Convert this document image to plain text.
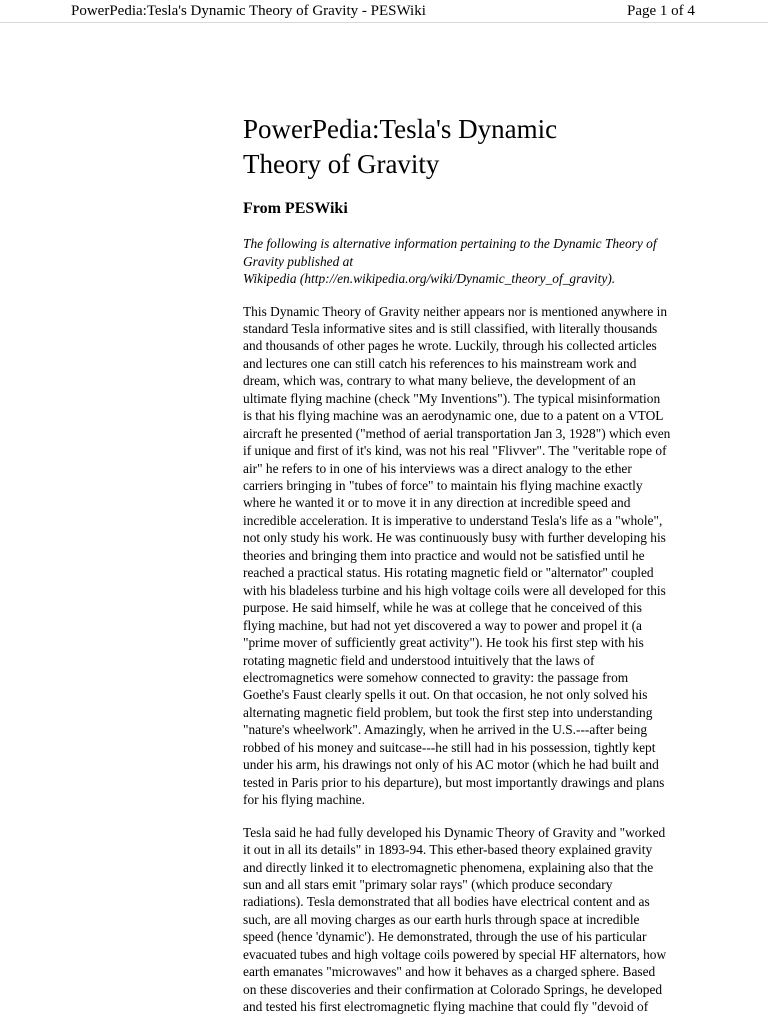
PowerPedia:Tesla's Dynamic Theory of Gravity - PESWiki	Page 1 of 4
PowerPedia:Tesla's Dynamic
Theory of Gravity

From PESWiki

The following is alternative information pertaining to the Dynamic Theory of
Gravity published at
Wikipedia (http://en.wikipedia.org/wiki/Dynamic_theory_of_gravity).

This Dynamic Theory of Gravity neither appears nor is mentioned anywhere in
standard Tesla informative sites and is still classified, with literally thousands
and thousands of other pages he wrote. Luckily, through his collected articles
and lectures one can still catch his references to his mainstream work and
dream, which was, contrary to what many believe, the development of an
ultimate flying machine (check "My Inventions"). The typical misinformation
is that his flying machine was an aerodynamic one, due to a patent on a VTOL
aircraft he presented ("method of aerial transportation Jan 3, 1928") which even
if unique and first of it's kind, was not his real "Flivver". The "veritable rope of
air" he refers to in one of his interviews was a direct analogy to the ether
carriers bringing in "tubes of force" to maintain his flying machine exactly
where he wanted it or to move it in any direction at incredible speed and
incredible acceleration. It is imperative to understand Tesla's life as a "whole",
not only study his work. He was continuously busy with further developing his
theories and bringing them into practice and would not be satisfied until he
reached a practical status. His rotating magnetic field or "alternator" coupled
with his bladeless turbine and his high voltage coils were all developed for this
purpose. He said himself, while he was at college that he conceived of this
flying machine, but had not yet discovered a way to power and propel it (a
"prime mover of sufficiently great activity"). He took his first step with his
rotating magnetic field and understood intuitively that the laws of
electromagnetics were somehow connected to gravity: the passage from
Goethe's Faust clearly spells it out. On that occasion, he not only solved his
alternating magnetic field problem, but took the first step into understanding
"nature's wheelwork". Amazingly, when he arrived in the U.S.---after being
robbed of his money and suitcase---he still had in his possession, tightly kept
under his arm, his drawings not only of his AC motor (which he had built and
tested in Paris prior to his departure), but most importantly drawings and plans
for his flying machine.

Tesla said he had fully developed his Dynamic Theory of Gravity and "worked
it out in all its details" in 1893-94. This ether-based theory explained gravity
and directly linked it to electromagnetic phenomena, explaining also that the
sun and all stars emit "primary solar rays" (which produce secondary
radiations). Tesla demonstrated that all bodies have electrical content and as
such, are all moving charges as our earth hurls through space at incredible
speed (hence 'dynamic'). He demonstrated, through the use of his particular
evacuated tubes and high voltage coils powered by special HF alternators, how
earth emanates "microwaves" and how it behaves as a charged sphere. Based
on these discoveries and their confirmation at Colorado Springs, he developed
and tested his first electromagnetic flying machine that could fly "devoid of
